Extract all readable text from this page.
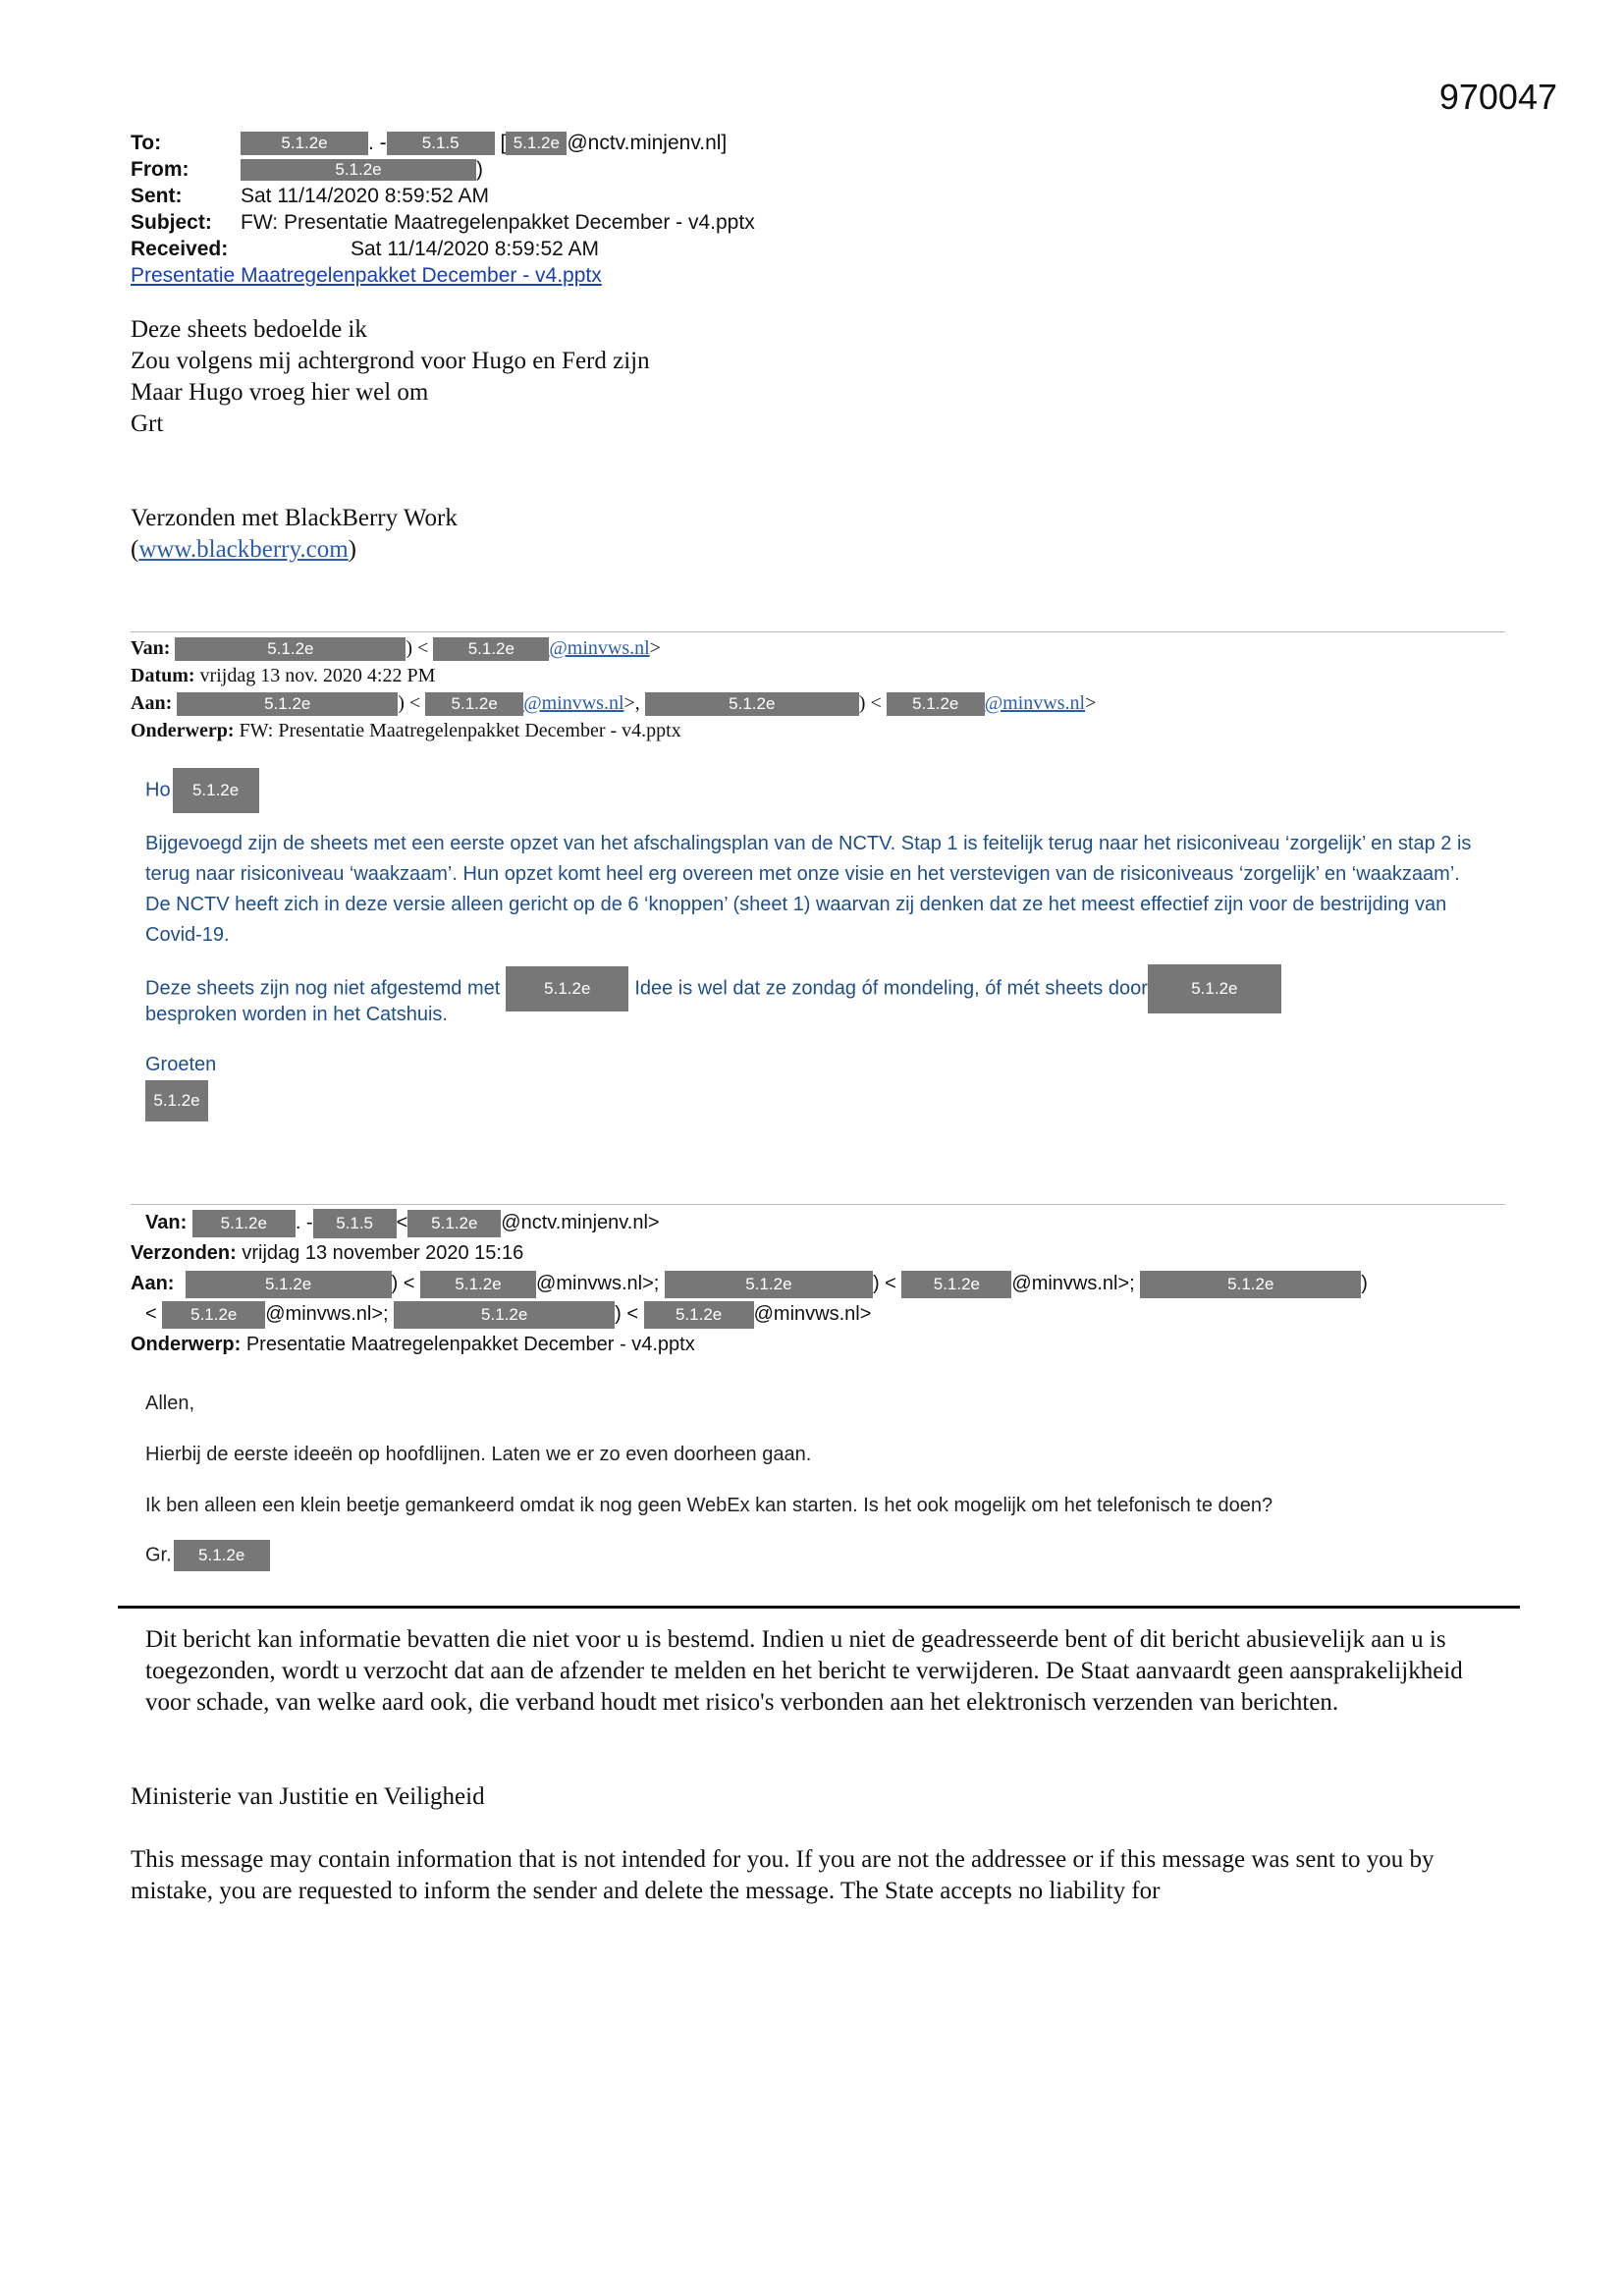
970047
To:	5.1.2e . - 5.1.5 [ 5.1.2e @nctv.minjenv.nl]
From:	5.1.2e	)
Sent:	Sat 11/14/2020 8:59:52 AM
Subject: FW: Presentatie Maatregelenpakket December - v4.pptx
Received:	Sat 11/14/2020 8:59:52 AM
Presentatie Maatregelenpakket December - v4.pptx
Deze sheets bedoelde ik
Zou volgens mij achtergrond voor Hugo en Ferd zijn
Maar Hugo vroeg hier wel om
Grt
Verzonden met BlackBerry Work
(www.blackberry.com)
Van:	5.1.2e	) < 5.1.2e @minvws.nl>
Datum: vrijdag 13 nov. 2020 4:22 PM
Aan:	5.1.2e	) < 5.1.2e @minvws.nl>,	5.1.2e	) < 5.1.2e @minvws.nl>
Onderwerp: FW: Presentatie Maatregelenpakket December - v4.pptx
Ho 5.1.2e
Bijgevoegd zijn de sheets met een eerste opzet van het afschalingsplan van de NCTV. Stap 1 is feitelijk terug naar het risiconiveau ‘zorgelijk’ en stap 2 is terug naar risiconiveau ‘waakzaam’. Hun opzet komt heel erg overeen met onze visie en het verstevigen van de risiconiveaus ‘zorgelijk’ en ‘waakzaam’.
De NCTV heeft zich in deze versie alleen gericht op de 6 ‘knoppen’ (sheet 1) waarvan zij denken dat ze het meest effectief zijn voor de bestrijding van Covid-19.
Deze sheets zijn nog niet afgestemd met	5.1.2e Idee is wel dat ze zondag óf mondeling, óf mét sheets door	5.1.2e
besproken worden in het Catshuis.
Groeten
5.1.2e
Van: 5.1.2e . - 5.1.5 < 5.1.2e @nctv.minjenv.nl>
Verzonden: vrijdag 13 november 2020 15:16
Aan:	5.1.2e	) < 5.1.2e @minvws.nl>;	5.1.2e	) < 5.1.2e @minvws.nl>;	5.1.2e	)
< 5.1.2e @minvws.nl>;	5.1.2e	) < 5.1.2e @minvws.nl>
Onderwerp: Presentatie Maatregelenpakket December - v4.pptx
Allen,
Hierbij de eerste ideeën op hoofdlijnen. Laten we er zo even doorheen gaan.
Ik ben alleen een klein beetje gemankeerd omdat ik nog geen WebEx kan starten. Is het ook mogelijk om het telefonisch te doen?
Gr. 5.1.2e
Dit bericht kan informatie bevatten die niet voor u is bestemd. Indien u niet de geadresseerde bent of dit bericht abusievelijk aan u is toegezonden, wordt u verzocht dat aan de afzender te melden en het bericht te verwijderen. De Staat aanvaardt geen aansprakelijkheid voor schade, van welke aard ook, die verband houdt met risico's verbonden aan het elektronisch verzenden van berichten.
Ministerie van Justitie en Veiligheid
This message may contain information that is not intended for you. If you are not the addressee or if this message was sent to you by mistake, you are requested to inform the sender and delete the message. The State accepts no liability for
